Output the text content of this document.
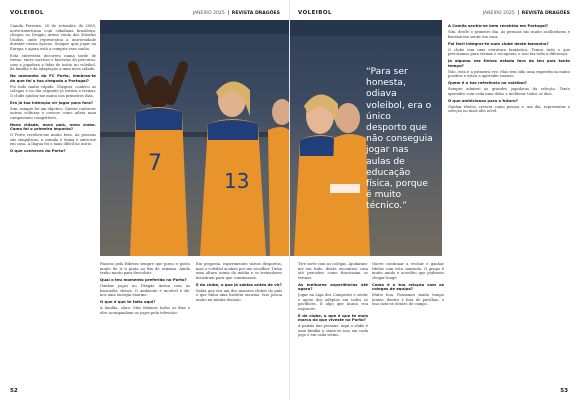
VOLEIBOL	JANEIRO 2025 REVISTA DRAGÕES

Camila Ferreira, 20 de setembro de 2005, norte-americana com cidadania brasileira, chegou ao Dragão Arena vinda dos Estados Unidos, onde representou a universidade durante várias épocas. Sempre quis jogar na Europa e agora está a cumprir esse sonho.

Esta entrevista decorreu numa tarde de treino, entre sorrisos e histórias do percurso, com a jogadora a falar do início no voleibol, da família e da adaptação a uma nova cidade.

No momento do FC Porto, lembras-te do que foi a tua chegada a Portugal?

Foi tudo muito rápido. Cheguei, conheci as colegas e no dia seguinte já estava a treinar. O clube ajudou-me muito nos primeiros dias.

Era já tua intenção vir jogar para fora?

Sim, sempre foi um objetivo. Queria conhecer outras culturas e crescer como atleta num campeonato competitivo.

Nova cidade, novo país, novo clube. Como foi o primeiro impacto?

O Porto recebeu-me muito bem. As pessoas são simpáticas, a comida é ótima e sinto-me em casa. A língua foi o mais difícil no início.

O que conheces do Porto?

7
13

Passeio pela Ribeira sempre que posso e gosto muito de ir à praia ao fim de semana. Ainda tenho muito para descobrir.

Qual o teu momento preferido no Porto?

Ganhar jogos no Dragão Arena com as bancadas cheias. O ambiente é incrível e dá-nos uma energia enorme.

O que é que te falta aqui?

A família, claro. Mas falamos todos os dias e eles acompanham os jogos pela televisão.

Em pequena, experimentei vários desportos, mas o voleibol acabou por me escolher. Tinha uma altura acima da média e os treinadores insistiram para que continuasse.

E do clube, o que já sabias antes de vir?

Sabia que era um dos maiores clubes do país e que tinha uma história enorme. Isso pesou muito na minha decisão.

52
VOLEIBOL	JANEIRO 2025 REVISTA DRAGÕES
“Para ser honesta, odiava voleibol, era o único desporto que não conseguia jogar nas aulas de educação física, porque é muito técnico.”

Tive sorte com as colegas. Ajudaram-me em tudo, desde encontrar casa até perceber como funcionam os treinos.

As melhores experiências até agora?

Jogar na Liga dos Campeões e sentir o apoio dos adeptos em todos os pavilhões. É algo que nunca vou esquecer.

E de clube, o que é que te mais marca do que viveste no Porto?

A paixão das pessoas. Aqui o clube é uma família e sente-se isso em cada jogo e em cada treino.

Quero continuar a evoluir e ganhar títulos com esta camisola. O grupo é muito unido e acredito que podemos chegar longe.

Como é a tua relação com as colegas de equipa?

Muito boa. Passamos muito tempo juntas, dentro e fora do pavilhão, e isso nota-se dentro de campo.

A Camila sentiu-se bem recebida em Portugal?

Sim, desde o primeiro dia. As pessoas são muito acolhedoras e fizeram-me sentir em casa.

Foi fácil integrar-te num clube deste tamanho?

O clube tem uma estrutura fantástica. Temos tudo o que precisamos para treinar e recuperar, e isso faz toda a diferença.

Já alguma vez tinhas estado fora do teu país tanto tempo?

Não, esta é a primeira vez. Mas tem sido uma experiência muito positiva e estou a aprender imenso.

Quem é a tua referência no voleibol?

Sempre admirei as grandes jogadoras da seleção. Tento aprender com cada uma delas e melhorar todos os dias.

O que ambicionas para o futuro?

Ganhar títulos, crescer como pessoa e, um dia, representar a seleção no mais alto nível.

53
